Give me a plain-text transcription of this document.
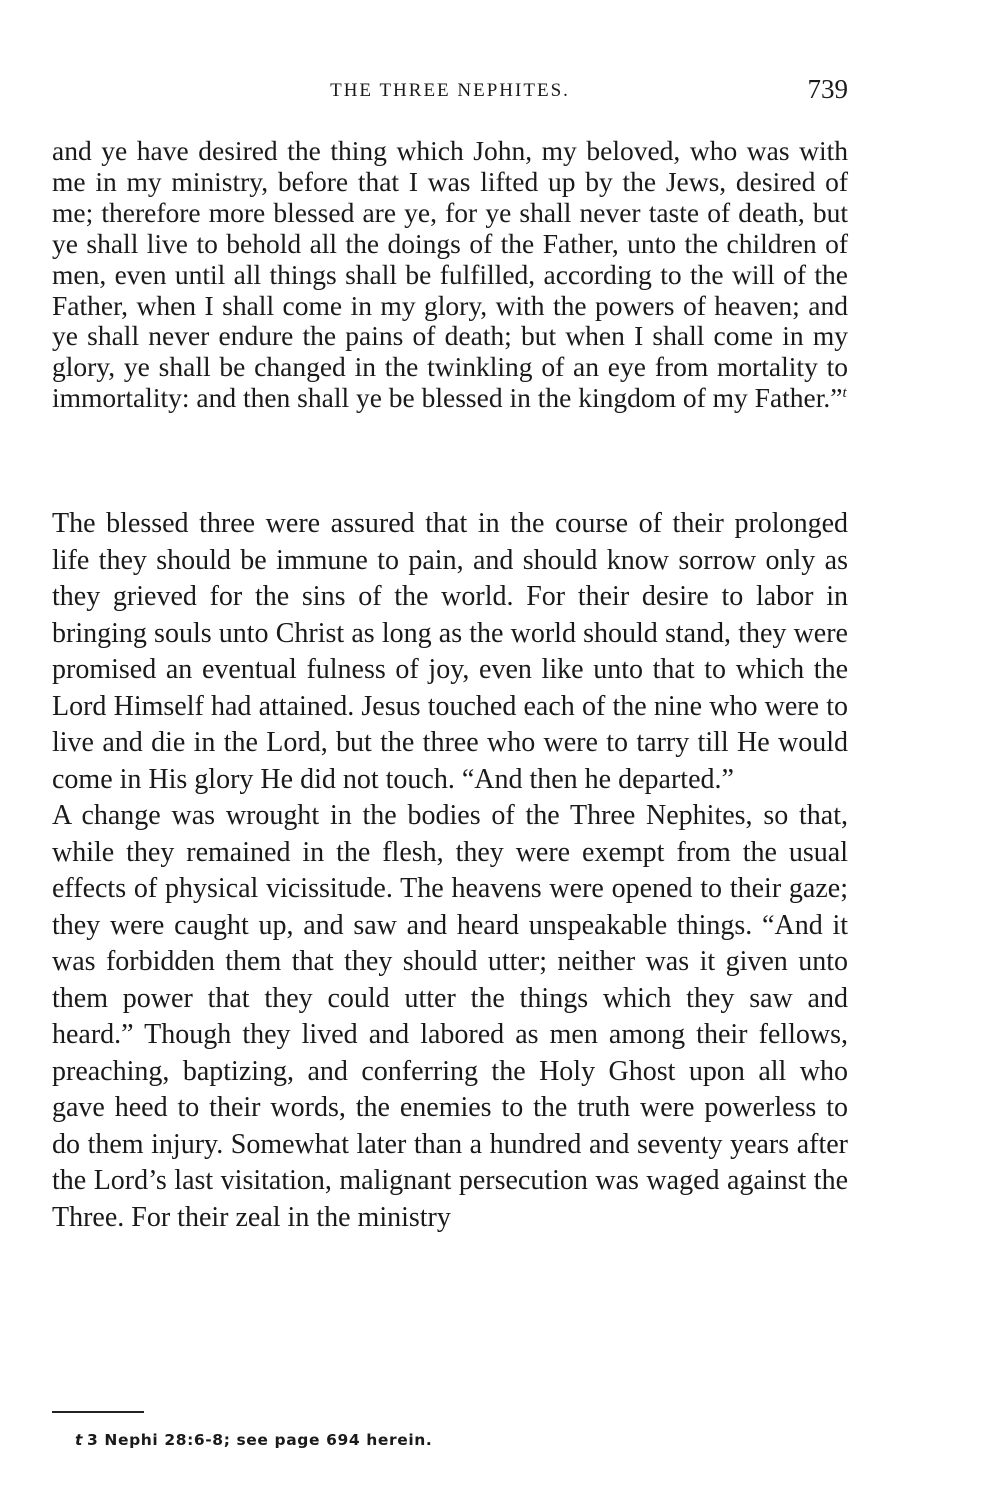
THE THREE NEPHITES.	739

and ye have desired the thing which John, my beloved, who was with me in my ministry, before that I was lifted up by the Jews, desired of me; therefore more blessed are ye, for ye shall never taste of death, but ye shall live to behold all the doings of the Father, unto the children of men, even until all things shall be fulfilled, according to the will of the Father, when I shall come in my glory, with the powers of heaven; and ye shall never endure the pains of death; but when I shall come in my glory, ye shall be changed in the twinkling of an eye from mortality to immortality: and then shall ye be blessed in the kingdom of my Father.”$^t$

The blessed three were assured that in the course of their prolonged life they should be immune to pain, and should know sorrow only as they grieved for the sins of the world. For their desire to labor in bringing souls unto Christ as long as the world should stand, they were promised an eventual fulness of joy, even like unto that to which the Lord Himself had attained. Jesus touched each of the nine who were to live and die in the Lord, but the three who were to tarry till He would come in His glory He did not touch. “And then he departed.”

A change was wrought in the bodies of the Three Nephites, so that, while they remained in the flesh, they were exempt from the usual effects of physical vicissitude. The heavens were opened to their gaze; they were caught up, and saw and heard unspeakable things. “And it was forbidden them that they should utter; neither was it given unto them power that they could utter the things which they saw and heard.” Though they lived and labored as men among their fellows, preaching, baptizing, and conferring the Holy Ghost upon all who gave heed to their words, the enemies to the truth were powerless to do them injury. Somewhat later than a hundred and seventy years after the Lord’s last visitation, malignant persecution was waged against the Three. For their zeal in the ministry

t 3 Nephi 28:6-8; see page 694 herein.
